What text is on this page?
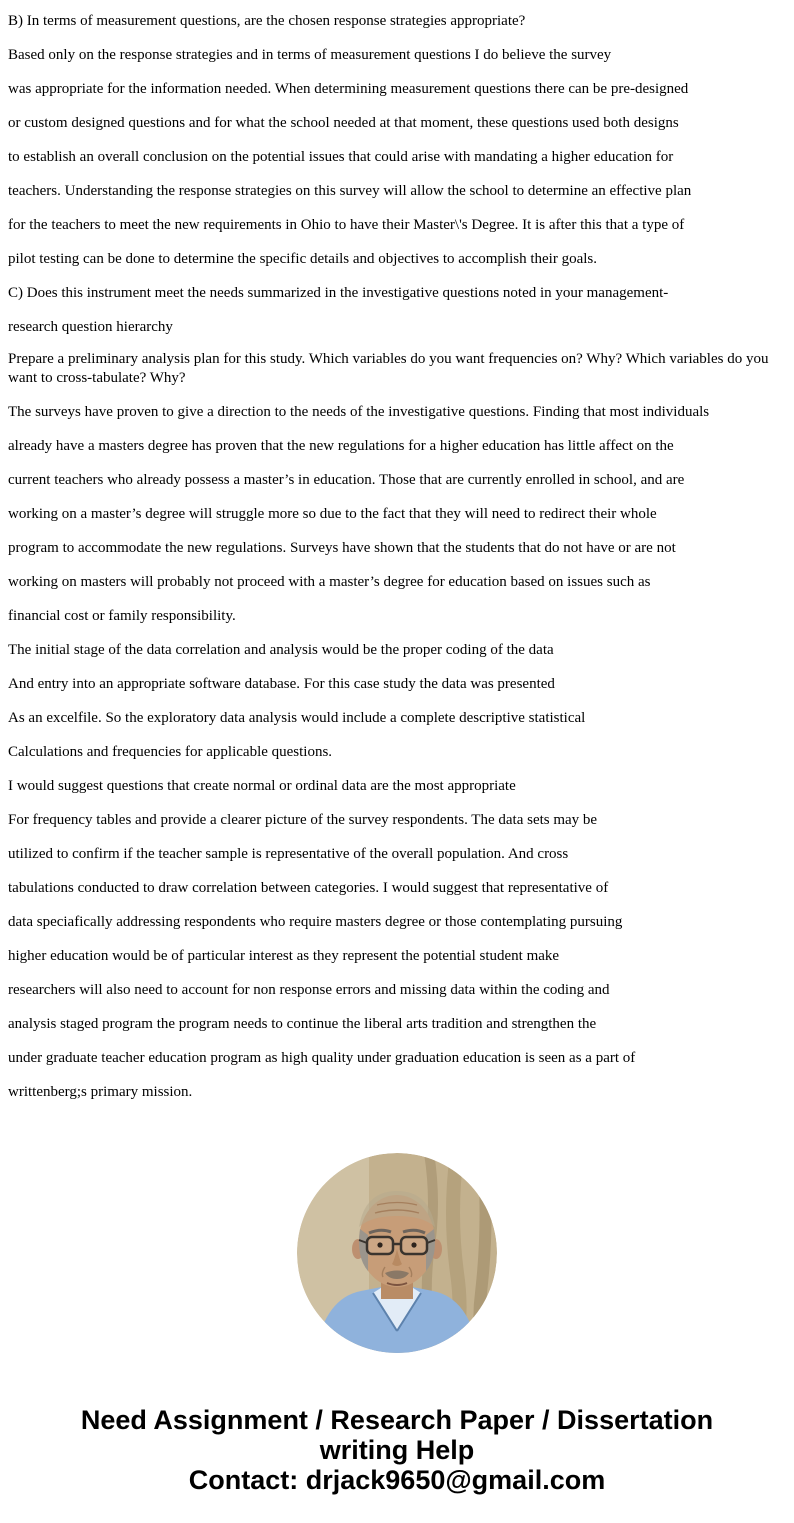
B) In terms of measurement questions, are the chosen response strategies appropriate?
Based only on the response strategies and in terms of measurement questions I do believe the survey
was appropriate for the information needed. When determining measurement questions there can be pre-designed
or custom designed questions and for what the school needed at that moment, these questions used both designs
to establish an overall conclusion on the potential issues that could arise with mandating a higher education for
teachers. Understanding the response strategies on this survey will allow the school to determine an effective plan
for the teachers to meet the new requirements in Ohio to have their Master\'s Degree. It is after this that a type of
pilot testing can be done to determine the specific details and objectives to accomplish their goals.
C) Does this instrument meet the needs summarized in the investigative questions noted in your management-
research question hierarchy
Prepare a preliminary analysis plan for this study. Which variables do you want frequencies on? Why? Which variables do you want to cross-tabulate? Why?
The surveys have proven to give a direction to the needs of the investigative questions. Finding that most individuals
already have a masters degree has proven that the new regulations for a higher education has little affect on the
current teachers who already possess a master’s in education. Those that are currently enrolled in school, and are
working on a master’s degree will struggle more so due to the fact that they will need to redirect their whole
program to accommodate the new regulations. Surveys have shown that the students that do not have or are not
working on masters will probably not proceed with a master’s degree for education based on issues such as
financial cost or family responsibility.
The initial stage of the data correlation and analysis would be the proper coding of the data
And entry into an appropriate software database. For this case study the data was presented
As an excelfile. So the exploratory data analysis would include a complete descriptive statistical
Calculations and frequencies for applicable questions.
I would suggest questions that create normal or ordinal data are the most appropriate
For frequency tables and provide a clearer picture of the survey respondents. The data sets may be
utilized to confirm if the teacher sample is representative of the overall population. And cross
tabulations conducted to draw correlation between categories. I would suggest that representative of
data speciafically addressing respondents who require masters degree or those contemplating pursuing
higher education would be of particular interest as they represent the potential student make
researchers will also need to account for non response errors and missing data within the coding and
analysis staged program the program needs to continue the liberal arts tradition and strengthen the
under graduate teacher education program as high quality under graduation education is seen as a part of
writtenberg;s primary mission.
Need Assignment / Research Paper / Dissertation
writing Help
Contact: drjack9650@gmail.com
